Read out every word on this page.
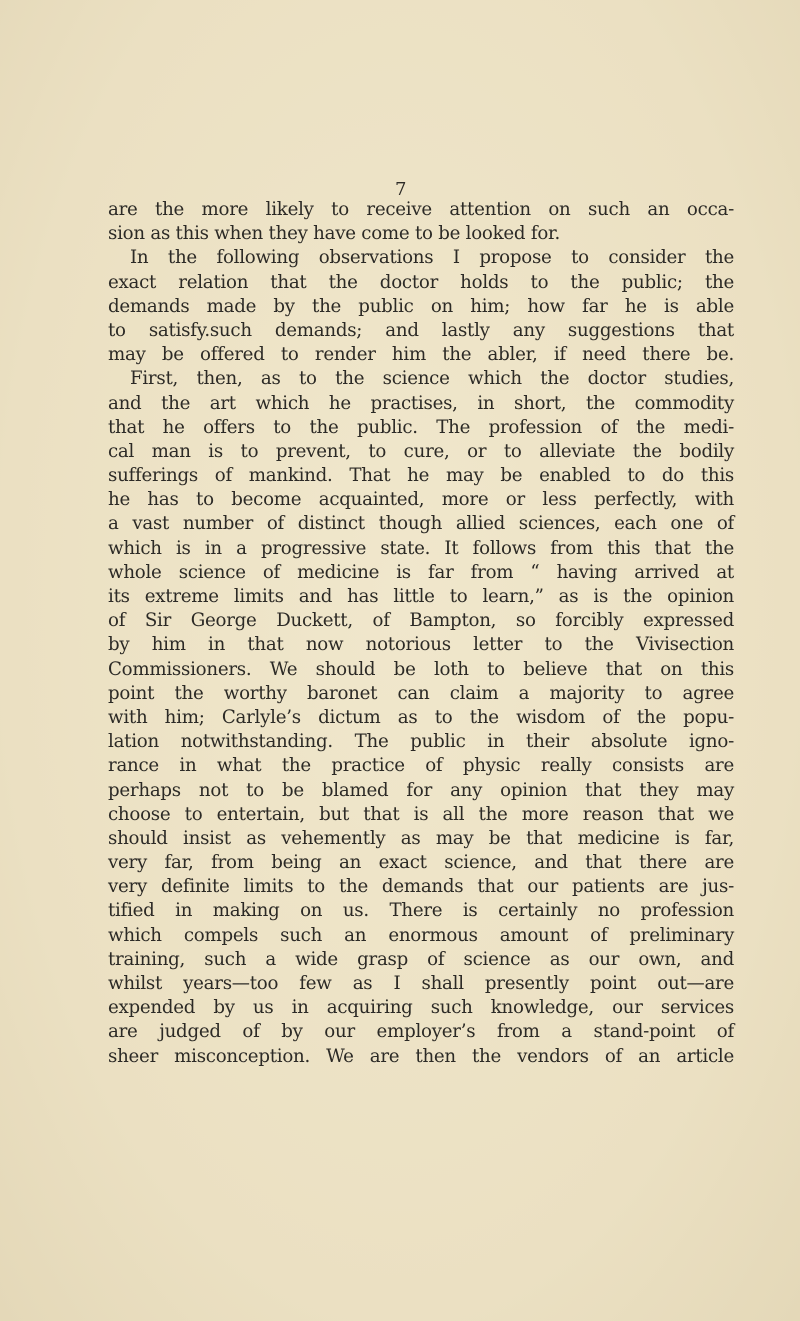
7
are the more likely to receive attention on such an occa-
sion as this when they have come to be looked for.
In the following observations I propose to consider the
exact relation that the doctor holds to the public; the
demands made by the public on him; how far he is able
to satisfy.such demands; and lastly any suggestions that
may be offered to render him the abler, if need there be.
First, then, as to the science which the doctor studies,
and the art which he practises, in short, the commodity
that he offers to the public. The profession of the medi-
cal man is to prevent, to cure, or to alleviate the bodily
sufferings of mankind. That he may be enabled to do this
he has to become acquainted, more or less perfectly, with
a vast number of distinct though allied sciences, each one of
which is in a progressive state. It follows from this that the
whole science of medicine is far from “ having arrived at
its extreme limits and has little to learn,” as is the opinion
of Sir George Duckett, of Bampton, so forcibly expressed
by him in that now notorious letter to the Vivisection
Commissioners. We should be loth to believe that on this
point the worthy baronet can claim a majority to agree
with him; Carlyle’s dictum as to the wisdom of the popu-
lation notwithstanding. The public in their absolute igno-
rance in what the practice of physic really consists are
perhaps not to be blamed for any opinion that they may
choose to entertain, but that is all the more reason that we
should insist as vehemently as may be that medicine is far,
very far, from being an exact science, and that there are
very definite limits to the demands that our patients are jus-
tified in making on us. There is certainly no profession
which compels such an enormous amount of preliminary
training, such a wide grasp of science as our own, and
whilst years—too few as I shall presently point out—are
expended by us in acquiring such knowledge, our services
are judged of by our employer’s from a stand-point of
sheer misconception. We are then the vendors of an article
